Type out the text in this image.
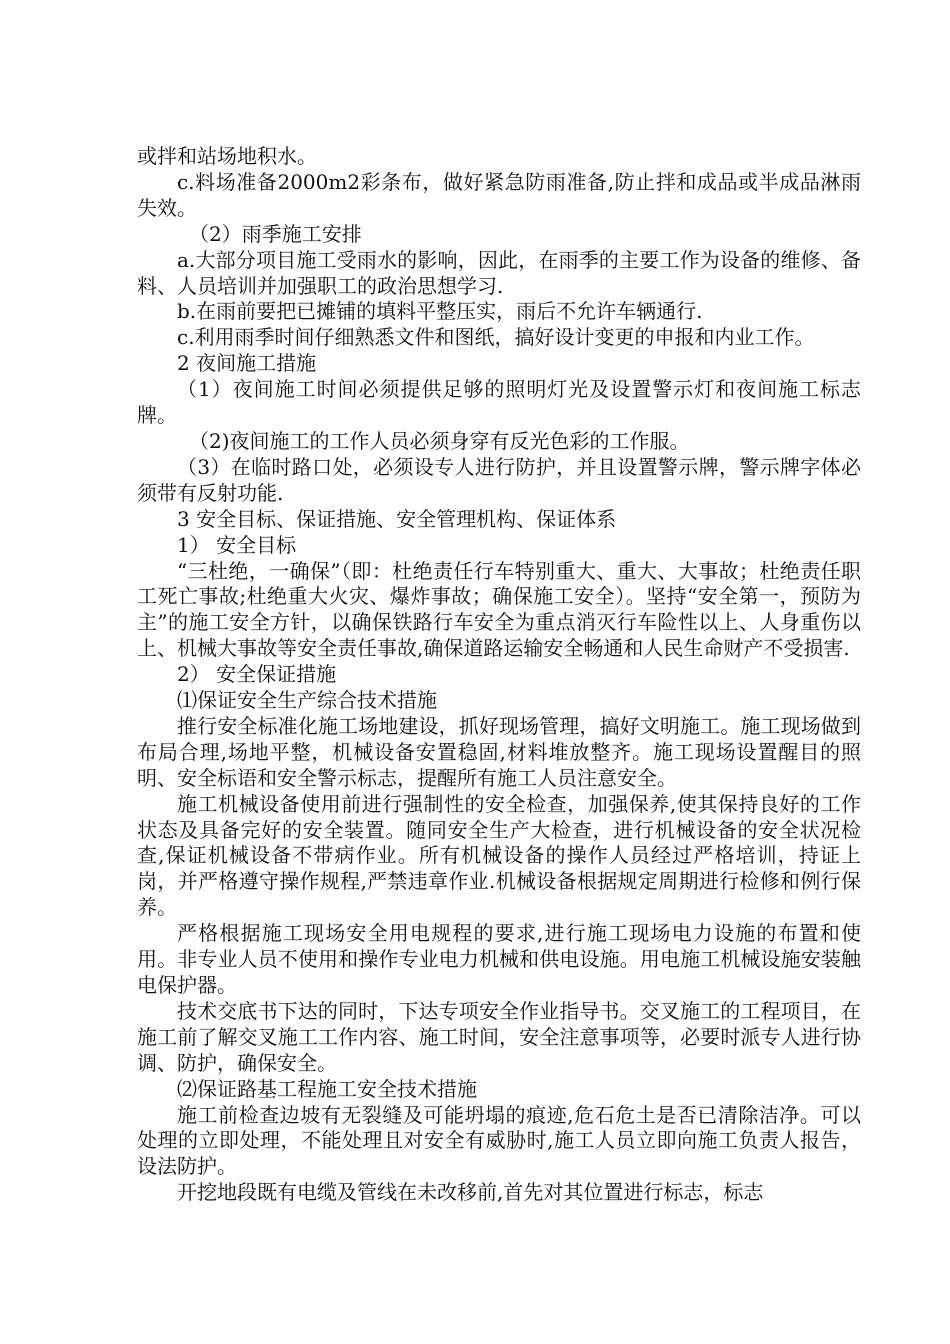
或拌和站场地积水。

c.料场准备2000m2彩条布，做好紧急防雨准备,防止拌和成品或半成品淋雨失效。

（2）雨季施工安排

a.大部分项目施工受雨水的影响，因此，在雨季的主要工作为设备的维修、备料、人员培训并加强职工的政治思想学习.

b.在雨前要把已摊铺的填料平整压实，雨后不允许车辆通行.

c.利用雨季时间仔细熟悉文件和图纸，搞好设计变更的申报和内业工作。

2 夜间施工措施

（1）夜间施工时间必须提供足够的照明灯光及设置警示灯和夜间施工标志牌。

（2)夜间施工的工作人员必须身穿有反光色彩的工作服。

（3）在临时路口处，必须设专人进行防护，并且设置警示牌，警示牌字体必须带有反射功能.

3 安全目标、保证措施、安全管理机构、保证体系

1） 安全目标

“三杜绝，一确保”（即：杜绝责任行车特别重大、重大、大事故；杜绝责任职工死亡事故;杜绝重大火灾、爆炸事故；确保施工安全）。坚持“安全第一，预防为主”的施工安全方针，以确保铁路行车安全为重点消灭行车险性以上、人身重伤以上、机械大事故等安全责任事故,确保道路运输安全畅通和人民生命财产不受损害.

2） 安全保证措施

⑴保证安全生产综合技术措施

推行安全标准化施工场地建设，抓好现场管理，搞好文明施工。施工现场做到布局合理,场地平整，机械设备安置稳固,材料堆放整齐。施工现场设置醒目的照明、安全标语和安全警示标志，提醒所有施工人员注意安全。

施工机械设备使用前进行强制性的安全检查，加强保养,使其保持良好的工作状态及具备完好的安全装置。随同安全生产大检查，进行机械设备的安全状况检查,保证机械设备不带病作业。所有机械设备的操作人员经过严格培训，持证上岗，并严格遵守操作规程,严禁违章作业.机械设备根据规定周期进行检修和例行保养。

严格根据施工现场安全用电规程的要求,进行施工现场电力设施的布置和使用。非专业人员不使用和操作专业电力机械和供电设施。用电施工机械设施安装触电保护器。

技术交底书下达的同时，下达专项安全作业指导书。交叉施工的工程项目，在施工前了解交叉施工工作内容、施工时间，安全注意事项等，必要时派专人进行协调、防护，确保安全。

⑵保证路基工程施工安全技术措施

施工前检查边坡有无裂缝及可能坍塌的痕迹,危石危土是否已清除洁净。可以处理的立即处理，不能处理且对安全有威胁时,施工人员立即向施工负责人报告，设法防护。

开挖地段既有电缆及管线在未改移前,首先对其位置进行标志，标志
